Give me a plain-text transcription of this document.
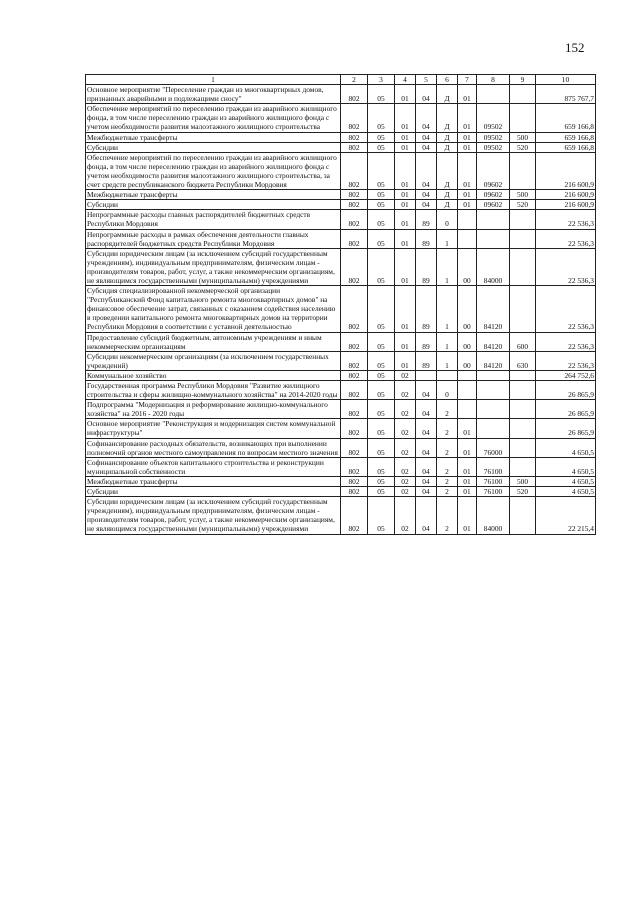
152
1	2	3	4	5	6	7	8	9	10
Основное мероприятие "Переселение граждан из многоквартирных домов, признанных аварийными и подлежащими сносу"	802	05	01	04	Д	01			875 767,7
Обеспечение мероприятий по переселению граждан из аварийного жилищного фонда, в том числе переселению граждан из аварийного жилищного фонда с учетом необходимости развития малоэтажного жилищного строительства	802	05	01	04	Д	01	09502		659 166,8
Межбюджетные трансферты	802	05	01	04	Д	01	09502	500	659 166,8
Субсидии	802	05	01	04	Д	01	09502	520	659 166,8
Обеспечение мероприятий по переселению граждан из аварийного жилищного фонда, в том числе переселению граждан из аварийного жилищного фонда с учетом необходимости развития малоэтажного жилищного строительства, за счет средств республиканского бюджета Республики Мордовия	802	05	01	04	Д	01	09602		216 600,9
Межбюджетные трансферты	802	05	01	04	Д	01	09602	500	216 600,9
Субсидии	802	05	01	04	Д	01	09602	520	216 600,9
Непрограммные расходы главных распорядителей бюджетных средств Республики Мордовия	802	05	01	89	0				22 536,3
Непрограммные расходы в рамках обеспечения деятельности главных распорядителей бюджетных средств Республики Мордовия	802	05	01	89	1				22 536,3
Субсидии юридическим лицам (за исключением субсидий государственным учреждениям), индивидуальным предпринимателям, физическим лицам - производителям товаров, работ, услуг, а также некоммерческим организациям, не являющимся государственными (муниципальными) учреждениями	802	05	01	89	1	00	84000		22 536,3
Субсидия специализированной некоммерческой организации "Республиканский Фонд капитального ремонта многоквартирных домов" на финансовое обеспечение затрат, связанных с оказанием содействия населению в проведении капитального ремонта многоквартирных домов на территории Республики Мордовия в соответствии с уставной деятельностью	802	05	01	89	1	00	84120		22 536,3
Предоставление субсидий бюджетным, автономным учреждениям и иным некоммерческим организациям	802	05	01	89	1	00	84120	600	22 536,3
Субсидии некоммерческим организациям (за исключением государственных учреждений)	802	05	01	89	1	00	84120	630	22 536,3
Коммунальное хозяйство	802	05	02						264 752,6
Государственная программа Республики Мордовия "Развитие жилищного строительства и сферы жилищно-коммунального хозяйства" на 2014-2020 годы	802	05	02	04	0				26 865,9
Подпрограмма "Модернизация и реформирование жилищно-коммунального хозяйства" на 2016 - 2020 годы	802	05	02	04	2				26 865,9
Основное мероприятие "Реконструкция и модернизация систем коммунальной инфраструктуры"	802	05	02	04	2	01			26 865,9
Софинансирование расходных обязательств, возникающих при выполнении полномочий органов местного самоуправления по вопросам местного значения	802	05	02	04	2	01	76000		4 650,5
Софинансирование объектов капитального строительства и реконструкции муниципальной собственности	802	05	02	04	2	01	76100		4 650,5
Межбюджетные трансферты	802	05	02	04	2	01	76100	500	4 650,5
Субсидии	802	05	02	04	2	01	76100	520	4 650,5
Субсидии юридическим лицам (за исключением субсидий государственным учреждениям), индивидуальным предпринимателям, физическим лицам - производителям товаров, работ, услуг, а также некоммерческим организациям, не являющимся государственными (муниципальными) учреждениями	802	05	02	04	2	01	84000		22 215,4
